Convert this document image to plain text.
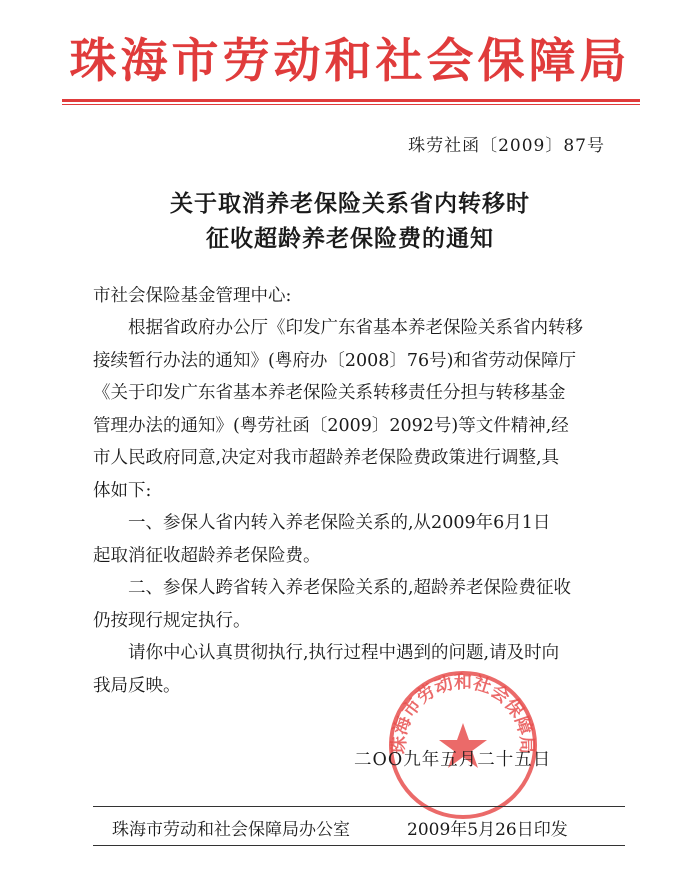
珠海市劳动和社会保障局
珠劳社函〔2009〕87号
关于取消养老保险关系省内转移时
征收超龄养老保险费的通知
市社会保险基金管理中心:
根据省政府办公厅《印发广东省基本养老保险关系省内转移
接续暂行办法的通知》(粤府办〔2008〕76号)和省劳动保障厅
《关于印发广东省基本养老保险关系转移责任分担与转移基金
管理办法的通知》(粤劳社函〔2009〕2092号)等文件精神,经
市人民政府同意,决定对我市超龄养老保险费政策进行调整,具
体如下:
一、参保人省内转入养老保险关系的,从2009年6月1日
起取消征收超龄养老保险费。
二、参保人跨省转入养老保险关系的,超龄养老保险费征收
仍按现行规定执行。
请你中心认真贯彻执行,执行过程中遇到的问题,请及时向
我局反映。
珠海市劳动和社会保障局
二OO九年五月二十五日
珠海市劳动和社会保障局办公室	2009年5月26日印发
